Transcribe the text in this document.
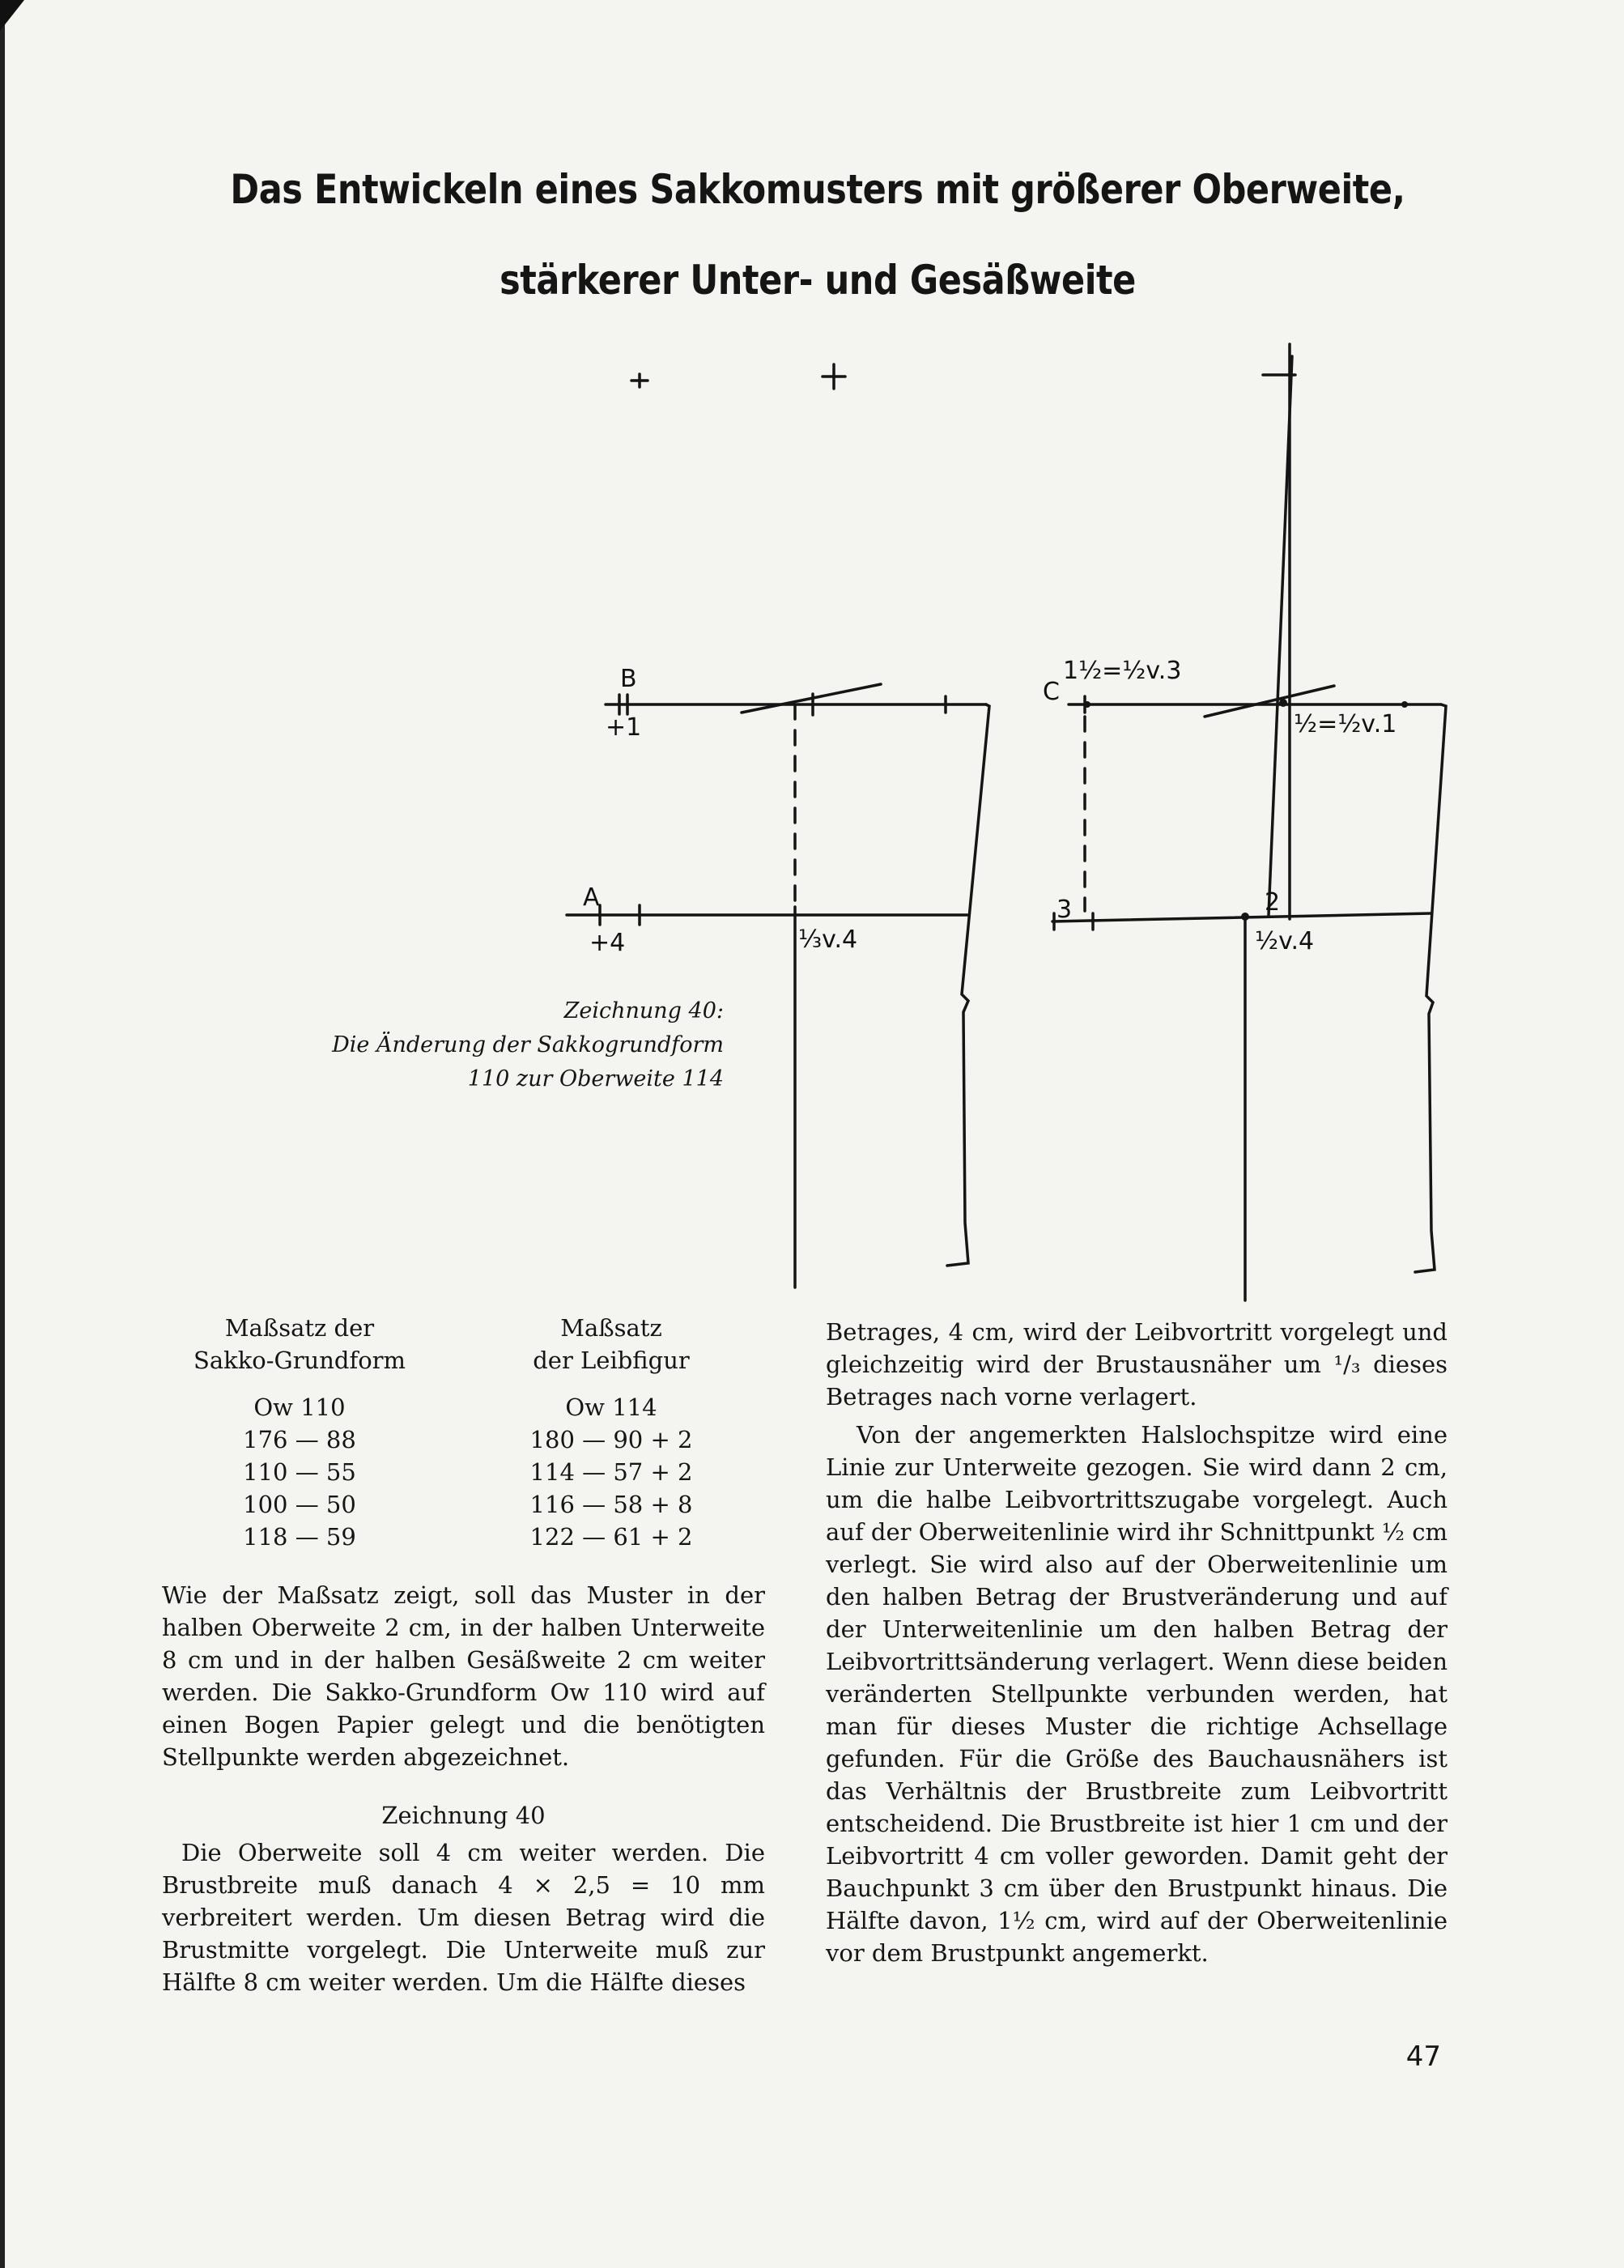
Das Entwickeln eines Sakkomusters mit größerer Oberweite,
stärkerer Unter- und Gesäßweite
B
+1
A
+4	⅓v.4
C
1½=½v.3
½=½v.1
3	2
½v.4
Zeichnung 40:
Die Änderung der Sakkogrundform
110 zur Oberweite 114
Maßsatz der
Sakko-Grundform
Ow 110
176 — 88
110 — 55
100 — 50
118 — 59
Maßsatz
der Leibfigur
Ow 114
180 — 90 + 2
114 — 57 + 2
116 — 58 + 8
122 — 61 + 2

Wie der Maßsatz zeigt, soll das Muster in der halben Oberweite 2 cm, in der halben Unterweite 8 cm und in der halben Gesäßweite 2 cm weiter werden. Die Sakko-Grundform Ow 110 wird auf einen Bogen Papier gelegt und die benötigten Stellpunkte werden abgezeichnet.

Zeichnung 40

Die Oberweite soll 4 cm weiter werden. Die Brustbreite muß danach 4 × 2,5 = 10 mm verbreitert werden. Um diesen Betrag wird die Brustmitte vorgelegt. Die Unterweite muß zur Hälfte 8 cm weiter werden. Um die Hälfte dieses

Betrages, 4 cm, wird der Leibvortritt vorgelegt und gleichzeitig wird der Brustausnäher um ¹/₃ dieses Betrages nach vorne verlagert.

Von der angemerkten Halslochspitze wird eine Linie zur Unterweite gezogen. Sie wird dann 2 cm, um die halbe Leibvortrittszugabe vorgelegt. Auch auf der Oberweitenlinie wird ihr Schnittpunkt ½ cm verlegt. Sie wird also auf der Oberweitenlinie um den halben Betrag der Brustveränderung und auf der Unterweitenlinie um den halben Betrag der Leibvortrittsänderung verlagert. Wenn diese beiden veränderten Stellpunkte verbunden werden, hat man für dieses Muster die richtige Achsellage gefunden. Für die Größe des Bauchausnähers ist das Verhältnis der Brustbreite zum Leibvortritt entscheidend. Die Brustbreite ist hier 1 cm und der Leibvortritt 4 cm voller geworden. Damit geht der Bauchpunkt 3 cm über den Brustpunkt hinaus. Die Hälfte davon, 1½ cm, wird auf der Oberweitenlinie vor dem Brustpunkt angemerkt.

47
